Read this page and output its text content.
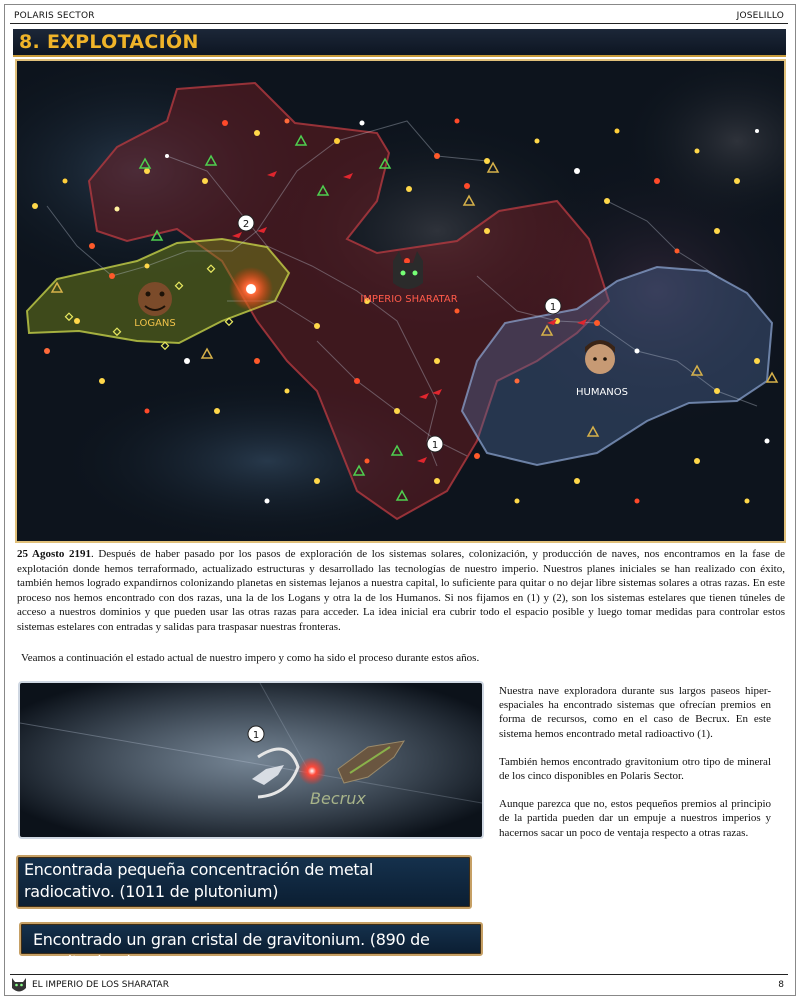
POLARIS SECTOR	JOSELILLO
8. EXPLOTACIÓN
LOGANS
IMPERIO SHARATAR
HUMANOS
2
1
1
25 Agosto 2191. Después de haber pasado por los pasos de exploración de los sistemas solares, colonización, y producción de naves, nos encontramos en la fase de explotación donde hemos terraformado, actualizado estructuras y desarrollado las tecnologías de nuestro imperio. Nuestros planes iniciales se han realizado con éxito, también hemos logrado expandirnos colonizando planetas en sistemas lejanos a nuestra capital, lo suficiente para quitar o no dejar libre sistemas solares a otras razas. En este proceso nos hemos encontrado con dos razas, una la de los Logans y otra la de los Humanos. Si nos fijamos en (1) y (2), son los sistemas estelares que tienen túneles de acceso a nuestros dominios y que pueden usar las otras razas para acceder. La idea inicial era cubrir todo el espacio posible y luego tomar medidas para controlar estos sistemas estelares con entradas y salidas para traspasar nuestras fronteras.
Veamos a continuación el estado actual de nuestro impero y como ha sido el proceso durante estos años.
1
Becrux

Nuestra nave exploradora durante sus largos paseos hiper-espaciales ha encontrado sistemas que ofrecían premios en forma de recursos, como en el caso de Becrux. En este sistema hemos encontrado metal radioactivo (1).

También hemos encontrado gravitonium otro tipo de mineral de los cinco disponibles en Polaris Sector.

Aunque parezca que no, estos pequeños premios al principio de la partida pueden dar un empuje a nuestros imperios y hacernos sacar un poco de ventaja respecto a otras razas.

Encontrada pequeña concentración de metal radiocativo. (1011 de plutonium)
Encontrado un gran cristal de gravitonium. (890 de gravitonium)
EL IMPERIO DE LOS SHARATAR	8
